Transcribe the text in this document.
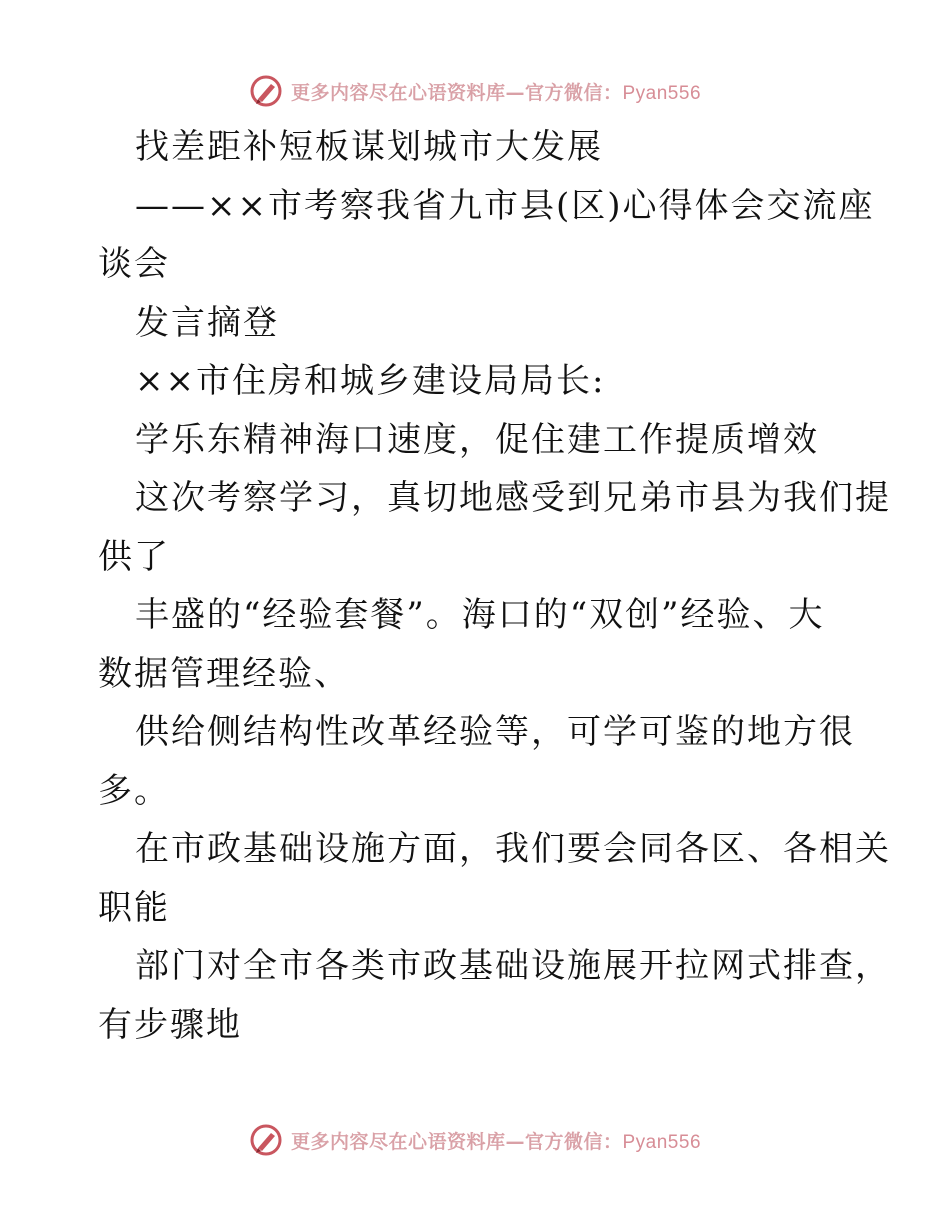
更多内容尽在心语资料库—官方微信：Pyan556
找差距补短板谋划城市大发展
——××市考察我省九市县(区)心得体会交流座
谈会
发言摘登
××市住房和城乡建设局局长:
学乐东精神海口速度，促住建工作提质增效
这次考察学习，真切地感受到兄弟市县为我们提
供了
丰盛的“经验套餐”。海口的“双创”经验、大
数据管理经验、
供给侧结构性改革经验等，可学可鉴的地方很
多。
在市政基础设施方面，我们要会同各区、各相关
职能
部门对全市各类市政基础设施展开拉网式排查，
有步骤地
更多内容尽在心语资料库—官方微信：Pyan556
